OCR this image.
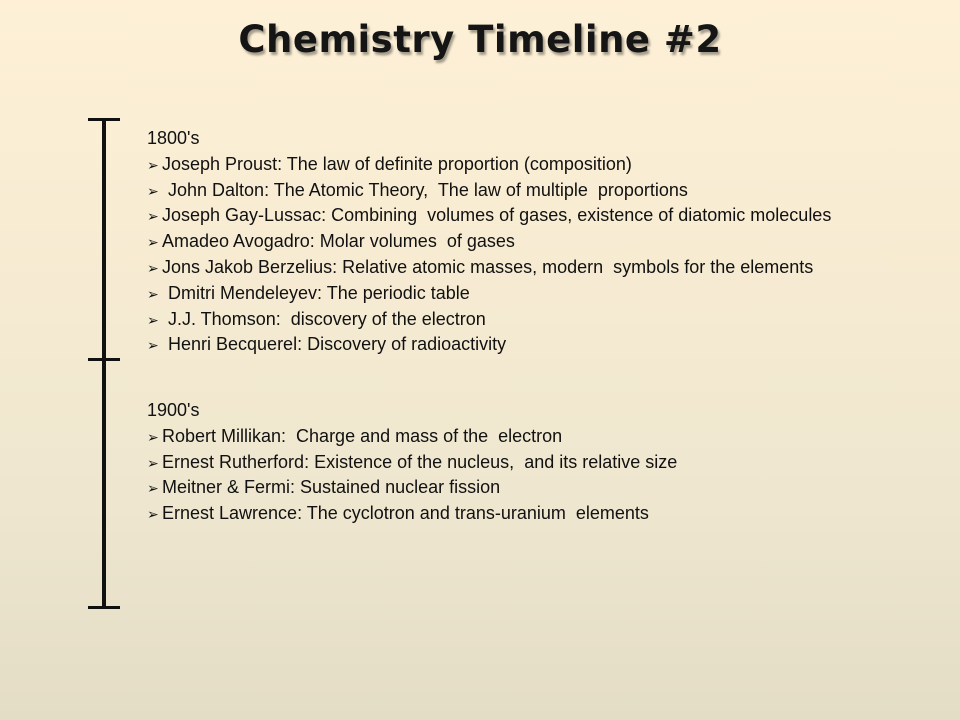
Chemistry Timeline #2
1800's
➢ Joseph Proust: The law of definite proportion (composition)
➢ John Dalton: The Atomic Theory,  The law of multiple  proportions
➢ Joseph Gay-Lussac: Combining  volumes of gases, existence of diatomic molecules
➢ Amadeo Avogadro: Molar volumes  of gases
➢ Jons Jakob Berzelius: Relative atomic masses, modern  symbols for the elements
➢ Dmitri Mendeleyev: The periodic table
➢ J.J. Thomson:  discovery of the electron
➢ Henri Becquerel: Discovery of radioactivity
1900's
➢ Robert Millikan:  Charge and mass of the  electron
➢ Ernest Rutherford: Existence of the nucleus,  and its relative size
➢ Meitner & Fermi: Sustained nuclear fission
➢ Ernest Lawrence: The cyclotron and trans-uranium  elements
